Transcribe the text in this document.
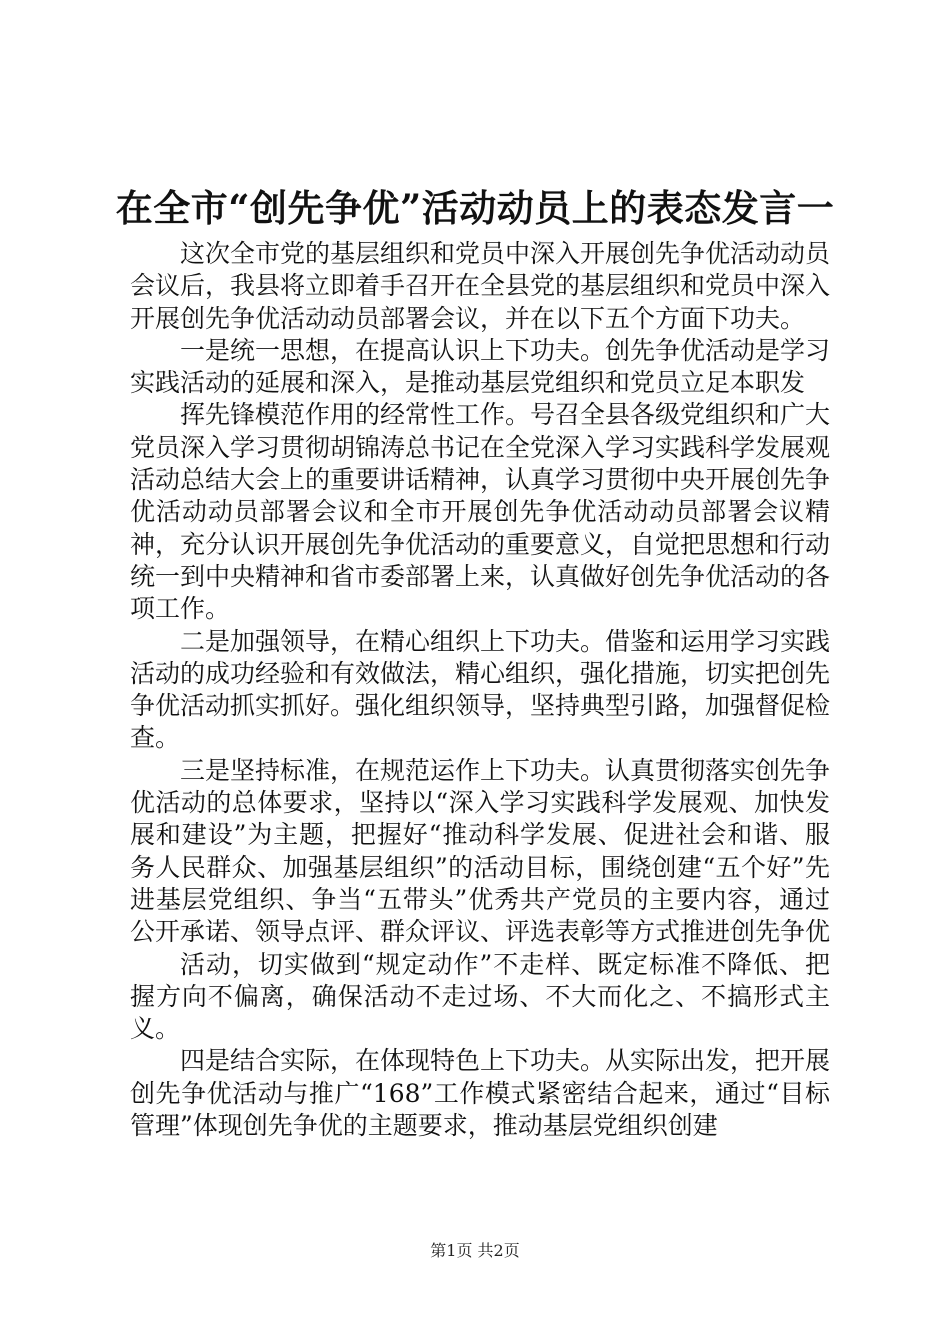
在全市“创先争优”活动动员上的表态发言一

这次全市党的基层组织和党员中深入开展创先争优活动动员会议后，我县将立即着手召开在全县党的基层组织和党员中深入开展创先争优活动动员部署会议，并在以下五个方面下功夫。

一是统一思想，在提高认识上下功夫。创先争优活动是学习实践活动的延展和深入，是推动基层党组织和党员立足本职发

挥先锋模范作用的经常性工作。号召全县各级党组织和广大党员深入学习贯彻胡锦涛总书记在全党深入学习实践科学发展观活动总结大会上的重要讲话精神，认真学习贯彻中央开展创先争优活动动员部署会议和全市开展创先争优活动动员部署会议精神，充分认识开展创先争优活动的重要意义，自觉把思想和行动统一到中央精神和省市委部署上来，认真做好创先争优活动的各项工作。

二是加强领导，在精心组织上下功夫。借鉴和运用学习实践活动的成功经验和有效做法，精心组织，强化措施，切实把创先争优活动抓实抓好。强化组织领导，坚持典型引路，加强督促检查。

三是坚持标准，在规范运作上下功夫。认真贯彻落实创先争优活动的总体要求，坚持以“深入学习实践科学发展观、加快发展和建设”为主题，把握好“推动科学发展、促进社会和谐、服务人民群众、加强基层组织”的活动目标，围绕创建“五个好”先进基层党组织、争当“五带头”优秀共产党员的主要内容，通过公开承诺、领导点评、群众评议、评选表彰等方式推进创先争优

活动，切实做到“规定动作”不走样、既定标准不降低、把握方向不偏离，确保活动不走过场、不大而化之、不搞形式主义。

四是结合实际，在体现特色上下功夫。从实际出发，把开展创先争优活动与推广“168”工作模式紧密结合起来，通过“目标管理”体现创先争优的主题要求，推动基层党组织创建

第1页 共2页
